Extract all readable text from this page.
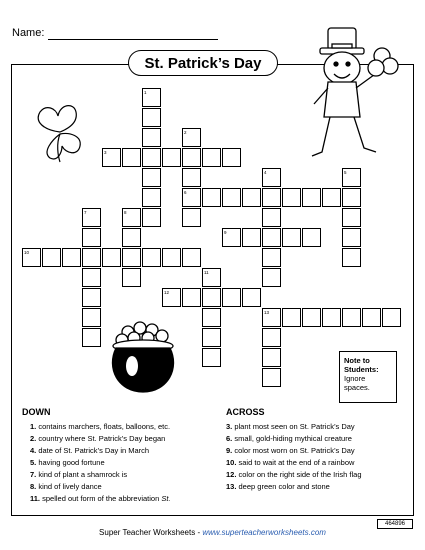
Name:
St. Patrick’s Day
1
2
3
4	5
6
7	8
9
10
11
12
13
Note to Students:
Ignore spaces.
DOWN	ACROSS
1. contains marchers, floats, balloons, etc.
2. country where St. Patrick’s Day began
4. date of St. Patrick’s Day in March
5. having good fortune
7. kind of plant a shamrock is
8. kind of lively dance
11. spelled out form of the abbreviation St.
3. plant most seen on St. Patrick’s Day
6. small, gold-hiding mythical creature
9. color most worn on St. Patrick’s Day
10. said to wait at the end of a rainbow
12. color on the right side of the Irish flag
13. deep green color and stone
Super Teacher Worksheets - www.superteacherworksheets.com
464896
